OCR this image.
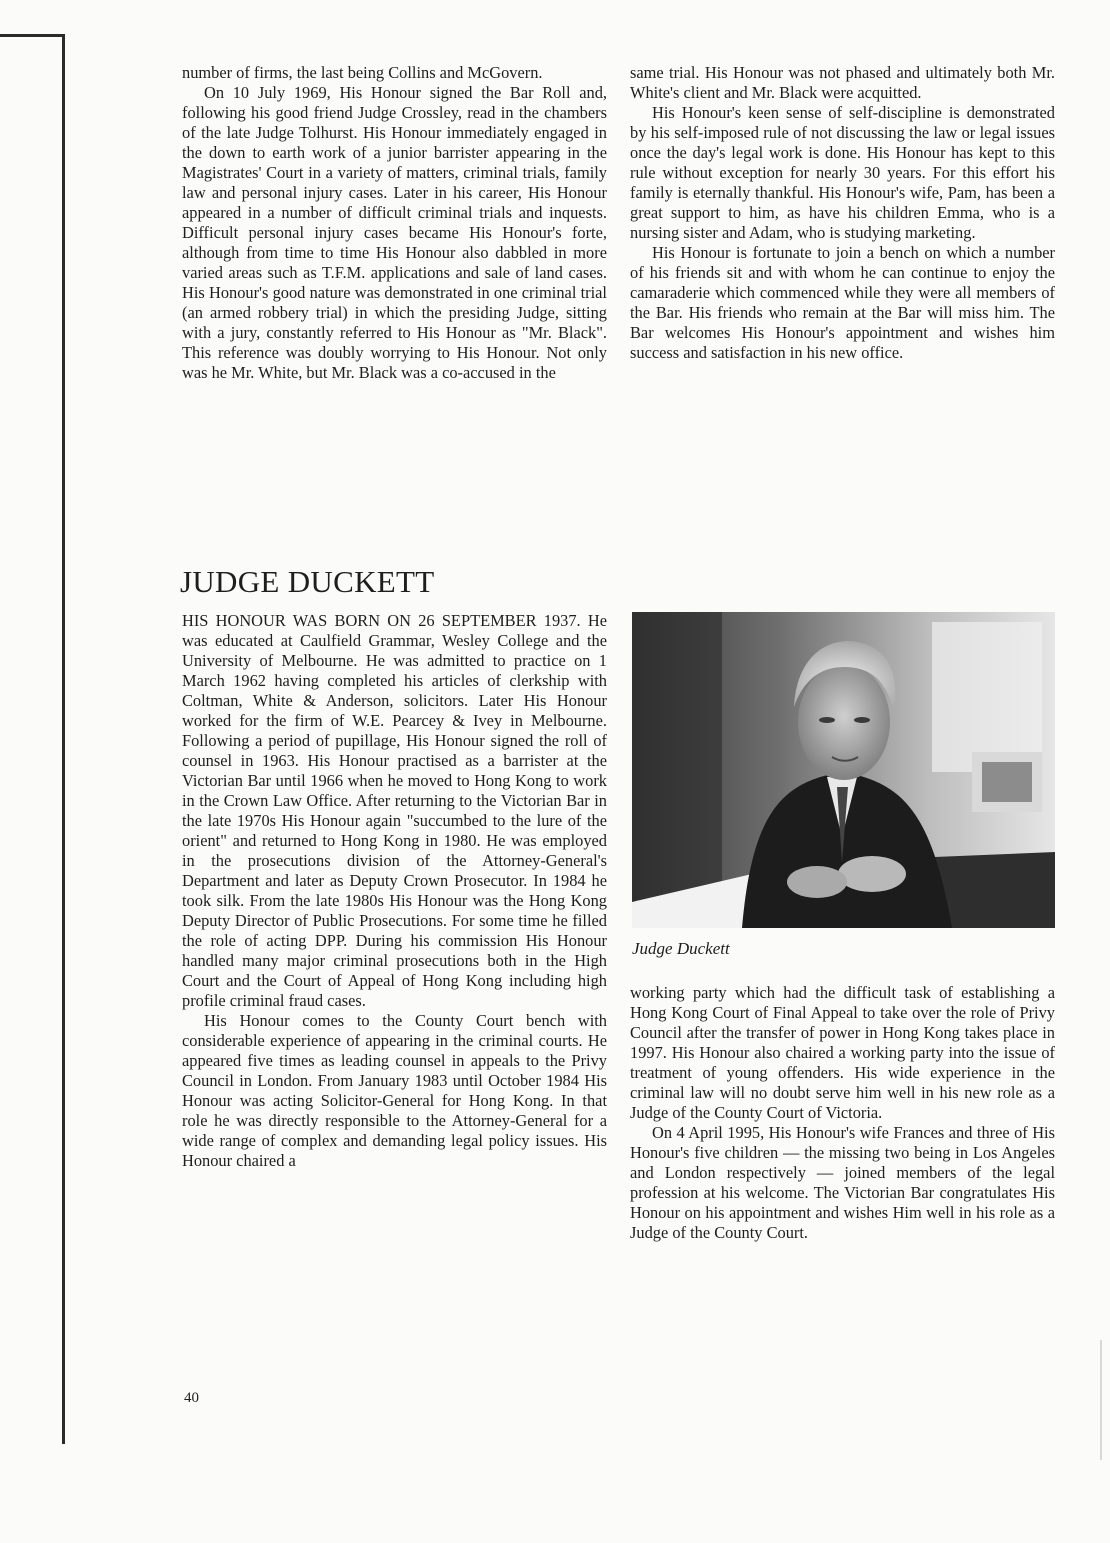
number of firms, the last being Collins and McGovern.

On 10 July 1969, His Honour signed the Bar Roll and, following his good friend Judge Crossley, read in the chambers of the late Judge Tolhurst. His Honour immediately engaged in the down to earth work of a junior barrister appearing in the Magistrates' Court in a variety of matters, criminal trials, family law and personal injury cases. Later in his career, His Honour appeared in a number of difficult criminal trials and inquests. Difficult personal injury cases became His Honour's forte, although from time to time His Honour also dabbled in more varied areas such as T.F.M. applications and sale of land cases. His Honour's good nature was demonstrated in one criminal trial (an armed robbery trial) in which the presiding Judge, sitting with a jury, constantly referred to His Honour as "Mr. Black". This reference was doubly worrying to His Honour. Not only was he Mr. White, but Mr. Black was a co-accused in the

same trial. His Honour was not phased and ultimately both Mr. White's client and Mr. Black were acquitted.

His Honour's keen sense of self-discipline is demonstrated by his self-imposed rule of not discussing the law or legal issues once the day's legal work is done. His Honour has kept to this rule without exception for nearly 30 years. For this effort his family is eternally thankful. His Honour's wife, Pam, has been a great support to him, as have his children Emma, who is a nursing sister and Adam, who is studying marketing.

His Honour is fortunate to join a bench on which a number of his friends sit and with whom he can continue to enjoy the camaraderie which commenced while they were all members of the Bar. His friends who remain at the Bar will miss him. The Bar welcomes His Honour's appointment and wishes him success and satisfaction in his new office.

JUDGE DUCKETT

HIS HONOUR WAS BORN ON 26 SEPTEMBER 1937. He was educated at Caulfield Grammar, Wesley College and the University of Melbourne. He was admitted to practice on 1 March 1962 having completed his articles of clerkship with Coltman, White & Anderson, solicitors. Later His Honour worked for the firm of W.E. Pearcey & Ivey in Melbourne. Following a period of pupillage, His Honour signed the roll of counsel in 1963. His Honour practised as a barrister at the Victorian Bar until 1966 when he moved to Hong Kong to work in the Crown Law Office. After returning to the Victorian Bar in the late 1970s His Honour again "succumbed to the lure of the orient" and returned to Hong Kong in 1980. He was employed in the prosecutions division of the Attorney-General's Department and later as Deputy Crown Prosecutor. In 1984 he took silk. From the late 1980s His Honour was the Hong Kong Deputy Director of Public Prosecutions. For some time he filled the role of acting DPP. During his commission His Honour handled many major criminal prosecutions both in the High Court and the Court of Appeal of Hong Kong including high profile criminal fraud cases.

His Honour comes to the County Court bench with considerable experience of appearing in the criminal courts. He appeared five times as leading counsel in appeals to the Privy Council in London. From January 1983 until October 1984 His Honour was acting Solicitor-General for Hong Kong. In that role he was directly responsible to the Attorney-General for a wide range of complex and demanding legal policy issues. His Honour chaired a

Judge Duckett

working party which had the difficult task of establishing a Hong Kong Court of Final Appeal to take over the role of Privy Council after the transfer of power in Hong Kong takes place in 1997. His Honour also chaired a working party into the issue of treatment of young offenders. His wide experience in the criminal law will no doubt serve him well in his new role as a Judge of the County Court of Victoria.

On 4 April 1995, His Honour's wife Frances and three of His Honour's five children — the missing two being in Los Angeles and London respectively — joined members of the legal profession at his welcome. The Victorian Bar congratulates His Honour on his appointment and wishes Him well in his role as a Judge of the County Court.

40
